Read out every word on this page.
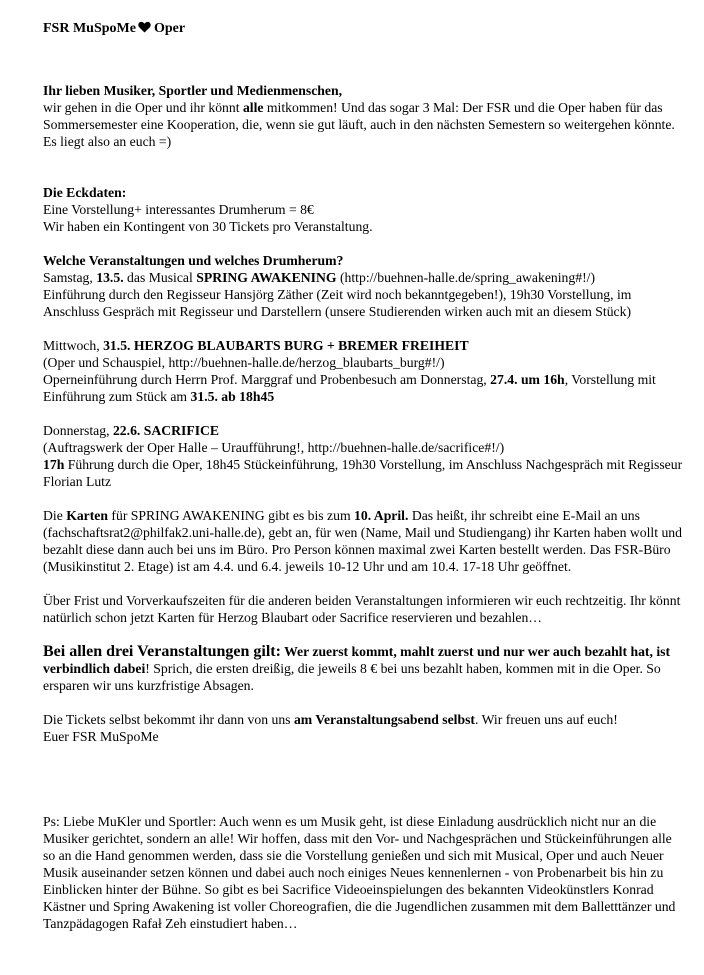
FSR MuSpoMe Oper

Ihr lieben Musiker, Sportler und Medienmenschen,
wir gehen in die Oper und ihr könnt alle mitkommen! Und das sogar 3 Mal: Der FSR und die Oper haben für das Sommersemester eine Kooperation, die, wenn sie gut läuft, auch in den nächsten Semestern so weitergehen könnte. Es liegt also an euch =)

Die Eckdaten:
Eine Vorstellung+ interessantes Drumherum = 8€
Wir haben ein Kontingent von 30 Tickets pro Veranstaltung.

Welche Veranstaltungen und welches Drumherum?
Samstag, 13.5. das Musical SPRING AWAKENING (http://buehnen-halle.de/spring_awakening#!/)
Einführung durch den Regisseur Hansjörg Zäther (Zeit wird noch bekanntgegeben!), 19h30 Vorstellung, im Anschluss Gespräch mit Regisseur und Darstellern (unsere Studierenden wirken auch mit an diesem Stück)

Mittwoch, 31.5. HERZOG BLAUBARTS BURG + BREMER FREIHEIT
(Oper und Schauspiel, http://buehnen-halle.de/herzog_blaubarts_burg#!/)
Operneinführung durch Herrn Prof. Marggraf und Probenbesuch am Donnerstag, 27.4. um 16h, Vorstellung mit Einführung zum Stück am 31.5. ab 18h45

Donnerstag, 22.6. SACRIFICE
(Auftragswerk der Oper Halle – Uraufführung!, http://buehnen-halle.de/sacrifice#!/)
17h Führung durch die Oper, 18h45 Stückeinführung, 19h30 Vorstellung, im Anschluss Nachgespräch mit Regisseur Florian Lutz

Die Karten für SPRING AWAKENING gibt es bis zum 10. April. Das heißt, ihr schreibt eine E-Mail an uns (fachschaftsrat2@philfak2.uni-halle.de), gebt an, für wen (Name, Mail und Studiengang) ihr Karten haben wollt und bezahlt diese dann auch bei uns im Büro. Pro Person können maximal zwei Karten bestellt werden. Das FSR-Büro (Musikinstitut 2. Etage) ist am 4.4. und 6.4. jeweils 10-12 Uhr und am 10.4. 17-18 Uhr geöffnet.

Über Frist und Vorverkaufszeiten für die anderen beiden Veranstaltungen informieren wir euch rechtzeitig. Ihr könnt natürlich schon jetzt Karten für Herzog Blaubart oder Sacrifice reservieren und bezahlen…

Bei allen drei Veranstaltungen gilt: Wer zuerst kommt, mahlt zuerst und nur wer auch bezahlt hat, ist verbindlich dabei! Sprich, die ersten dreißig, die jeweils 8 € bei uns bezahlt haben, kommen mit in die Oper. So ersparen wir uns kurzfristige Absagen.

Die Tickets selbst bekommt ihr dann von uns am Veranstaltungsabend selbst. Wir freuen uns auf euch!
Euer FSR MuSpoMe

Ps: Liebe MuKler und Sportler: Auch wenn es um Musik geht, ist diese Einladung ausdrücklich nicht nur an die Musiker gerichtet, sondern an alle! Wir hoffen, dass mit den Vor- und Nachgesprächen und Stückeinführungen alle so an die Hand genommen werden, dass sie die Vorstellung genießen und sich mit Musical, Oper und auch Neuer Musik auseinander setzen können und dabei auch noch einiges Neues kennenlernen - von Probenarbeit bis hin zu Einblicken hinter der Bühne. So gibt es bei Sacrifice Videoeinspielungen des bekannten Videokünstlers Konrad Kästner und Spring Awakening ist voller Choreografien, die die Jugendlichen zusammen mit dem Balletttänzer und Tanzpädagogen Rafał Zeh einstudiert haben…
